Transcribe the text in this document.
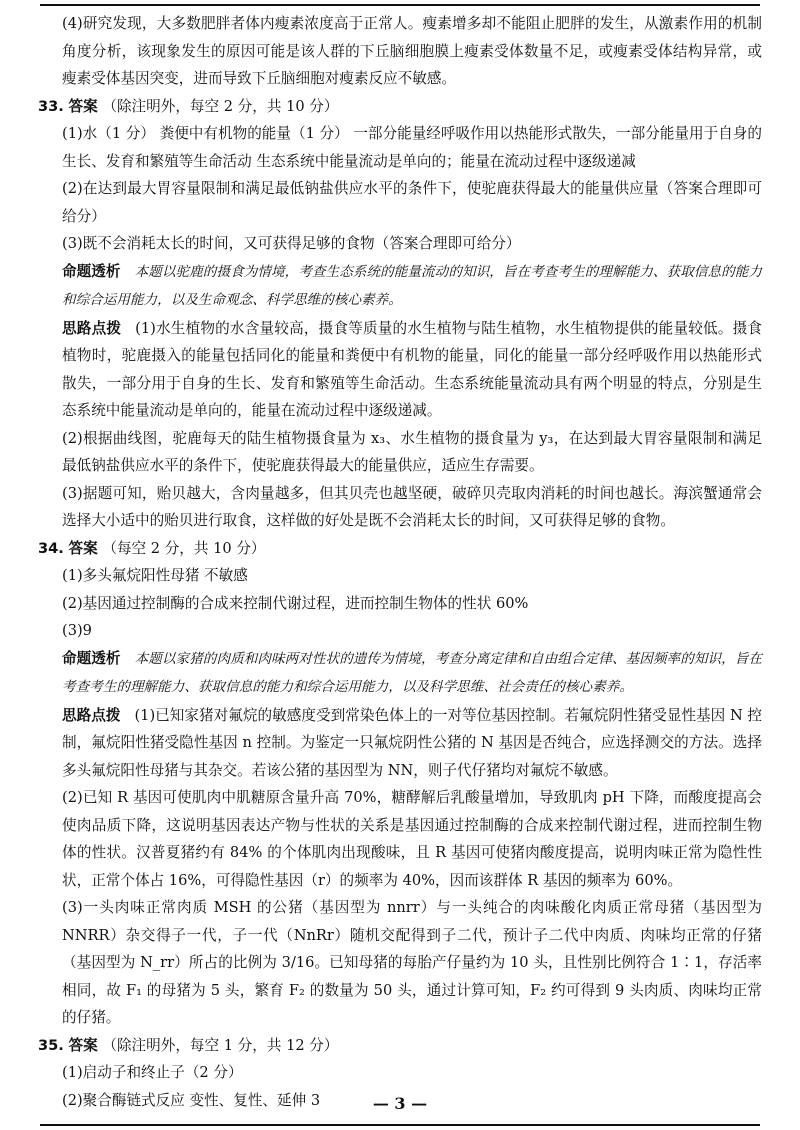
(4)研究发现，大多数肥胖者体内瘦素浓度高于正常人。瘦素增多却不能阻止肥胖的发生，从激素作用的机制角度分析，该现象发生的原因可能是该人群的下丘脑细胞膜上瘦素受体数量不足，或瘦素受体结构异常，或瘦素受体基因突变，进而导致下丘脑细胞对瘦素反应不敏感。

33. 答案 （除注明外，每空 2 分，共 10 分）

(1)水（1 分） 粪便中有机物的能量（1 分） 一部分能量经呼吸作用以热能形式散失，一部分能量用于自身的生长、发育和繁殖等生命活动 生态系统中能量流动是单向的；能量在流动过程中逐级递减

(2)在达到最大胃容量限制和满足最低钠盐供应水平的条件下，使驼鹿获得最大的能量供应量（答案合理即可给分）

(3)既不会消耗太长的时间，又可获得足够的食物（答案合理即可给分）

命题透析 本题以驼鹿的摄食为情境，考查生态系统的能量流动的知识，旨在考查考生的理解能力、获取信息的能力和综合运用能力，以及生命观念、科学思维的核心素养。

思路点拨 (1)水生植物的水含量较高，摄食等质量的水生植物与陆生植物，水生植物提供的能量较低。摄食植物时，驼鹿摄入的能量包括同化的能量和粪便中有机物的能量，同化的能量一部分经呼吸作用以热能形式散失，一部分用于自身的生长、发育和繁殖等生命活动。生态系统能量流动具有两个明显的特点，分别是生态系统中能量流动是单向的，能量在流动过程中逐级递减。

(2)根据曲线图，驼鹿每天的陆生植物摄食量为 x₃、水生植物的摄食量为 y₃，在达到最大胃容量限制和满足最低钠盐供应水平的条件下，使驼鹿获得最大的能量供应，适应生存需要。

(3)据题可知，贻贝越大，含肉量越多，但其贝壳也越坚硬，破碎贝壳取肉消耗的时间也越长。海滨蟹通常会选择大小适中的贻贝进行取食，这样做的好处是既不会消耗太长的时间，又可获得足够的食物。

34. 答案 （每空 2 分，共 10 分）

(1)多头氟烷阳性母猪 不敏感

(2)基因通过控制酶的合成来控制代谢过程，进而控制生物体的性状 60%

(3)9

命题透析 本题以家猪的肉质和肉味两对性状的遗传为情境，考查分离定律和自由组合定律、基因频率的知识，旨在考查考生的理解能力、获取信息的能力和综合运用能力，以及科学思维、社会责任的核心素养。

思路点拨 (1)已知家猪对氟烷的敏感度受到常染色体上的一对等位基因控制。若氟烷阴性猪受显性基因 N 控制，氟烷阳性猪受隐性基因 n 控制。为鉴定一只氟烷阴性公猪的 N 基因是否纯合，应选择测交的方法。选择多头氟烷阳性母猪与其杂交。若该公猪的基因型为 NN，则子代仔猪均对氟烷不敏感。

(2)已知 R 基因可使肌肉中肌糖原含量升高 70%，糖酵解后乳酸量增加，导致肌肉 pH 下降，而酸度提高会使肉品质下降，这说明基因表达产物与性状的关系是基因通过控制酶的合成来控制代谢过程，进而控制生物体的性状。汉普夏猪约有 84% 的个体肌肉出现酸味，且 R 基因可使猪肉酸度提高，说明肉味正常为隐性性状，正常个体占 16%，可得隐性基因（r）的频率为 40%，因而该群体 R 基因的频率为 60%。

(3)一头肉味正常肉质 MSH 的公猪（基因型为 nnrr）与一头纯合的肉味酸化肉质正常母猪（基因型为 NNRR）杂交得子一代，子一代（NnRr）随机交配得到子二代，预计子二代中肉质、肉味均正常的仔猪（基因型为 N_rr）所占的比例为 3/16。已知母猪的每胎产仔量约为 10 头，且性别比例符合 1∶1，存活率相同，故 F₁ 的母猪为 5 头，繁育 F₂ 的数量为 50 头，通过计算可知，F₂ 约可得到 9 头肉质、肉味均正常的仔猪。

35. 答案 （除注明外，每空 1 分，共 12 分）

(1)启动子和终止子（2 分）

(2)聚合酶链式反应 变性、复性、延伸 3	— 3 —
